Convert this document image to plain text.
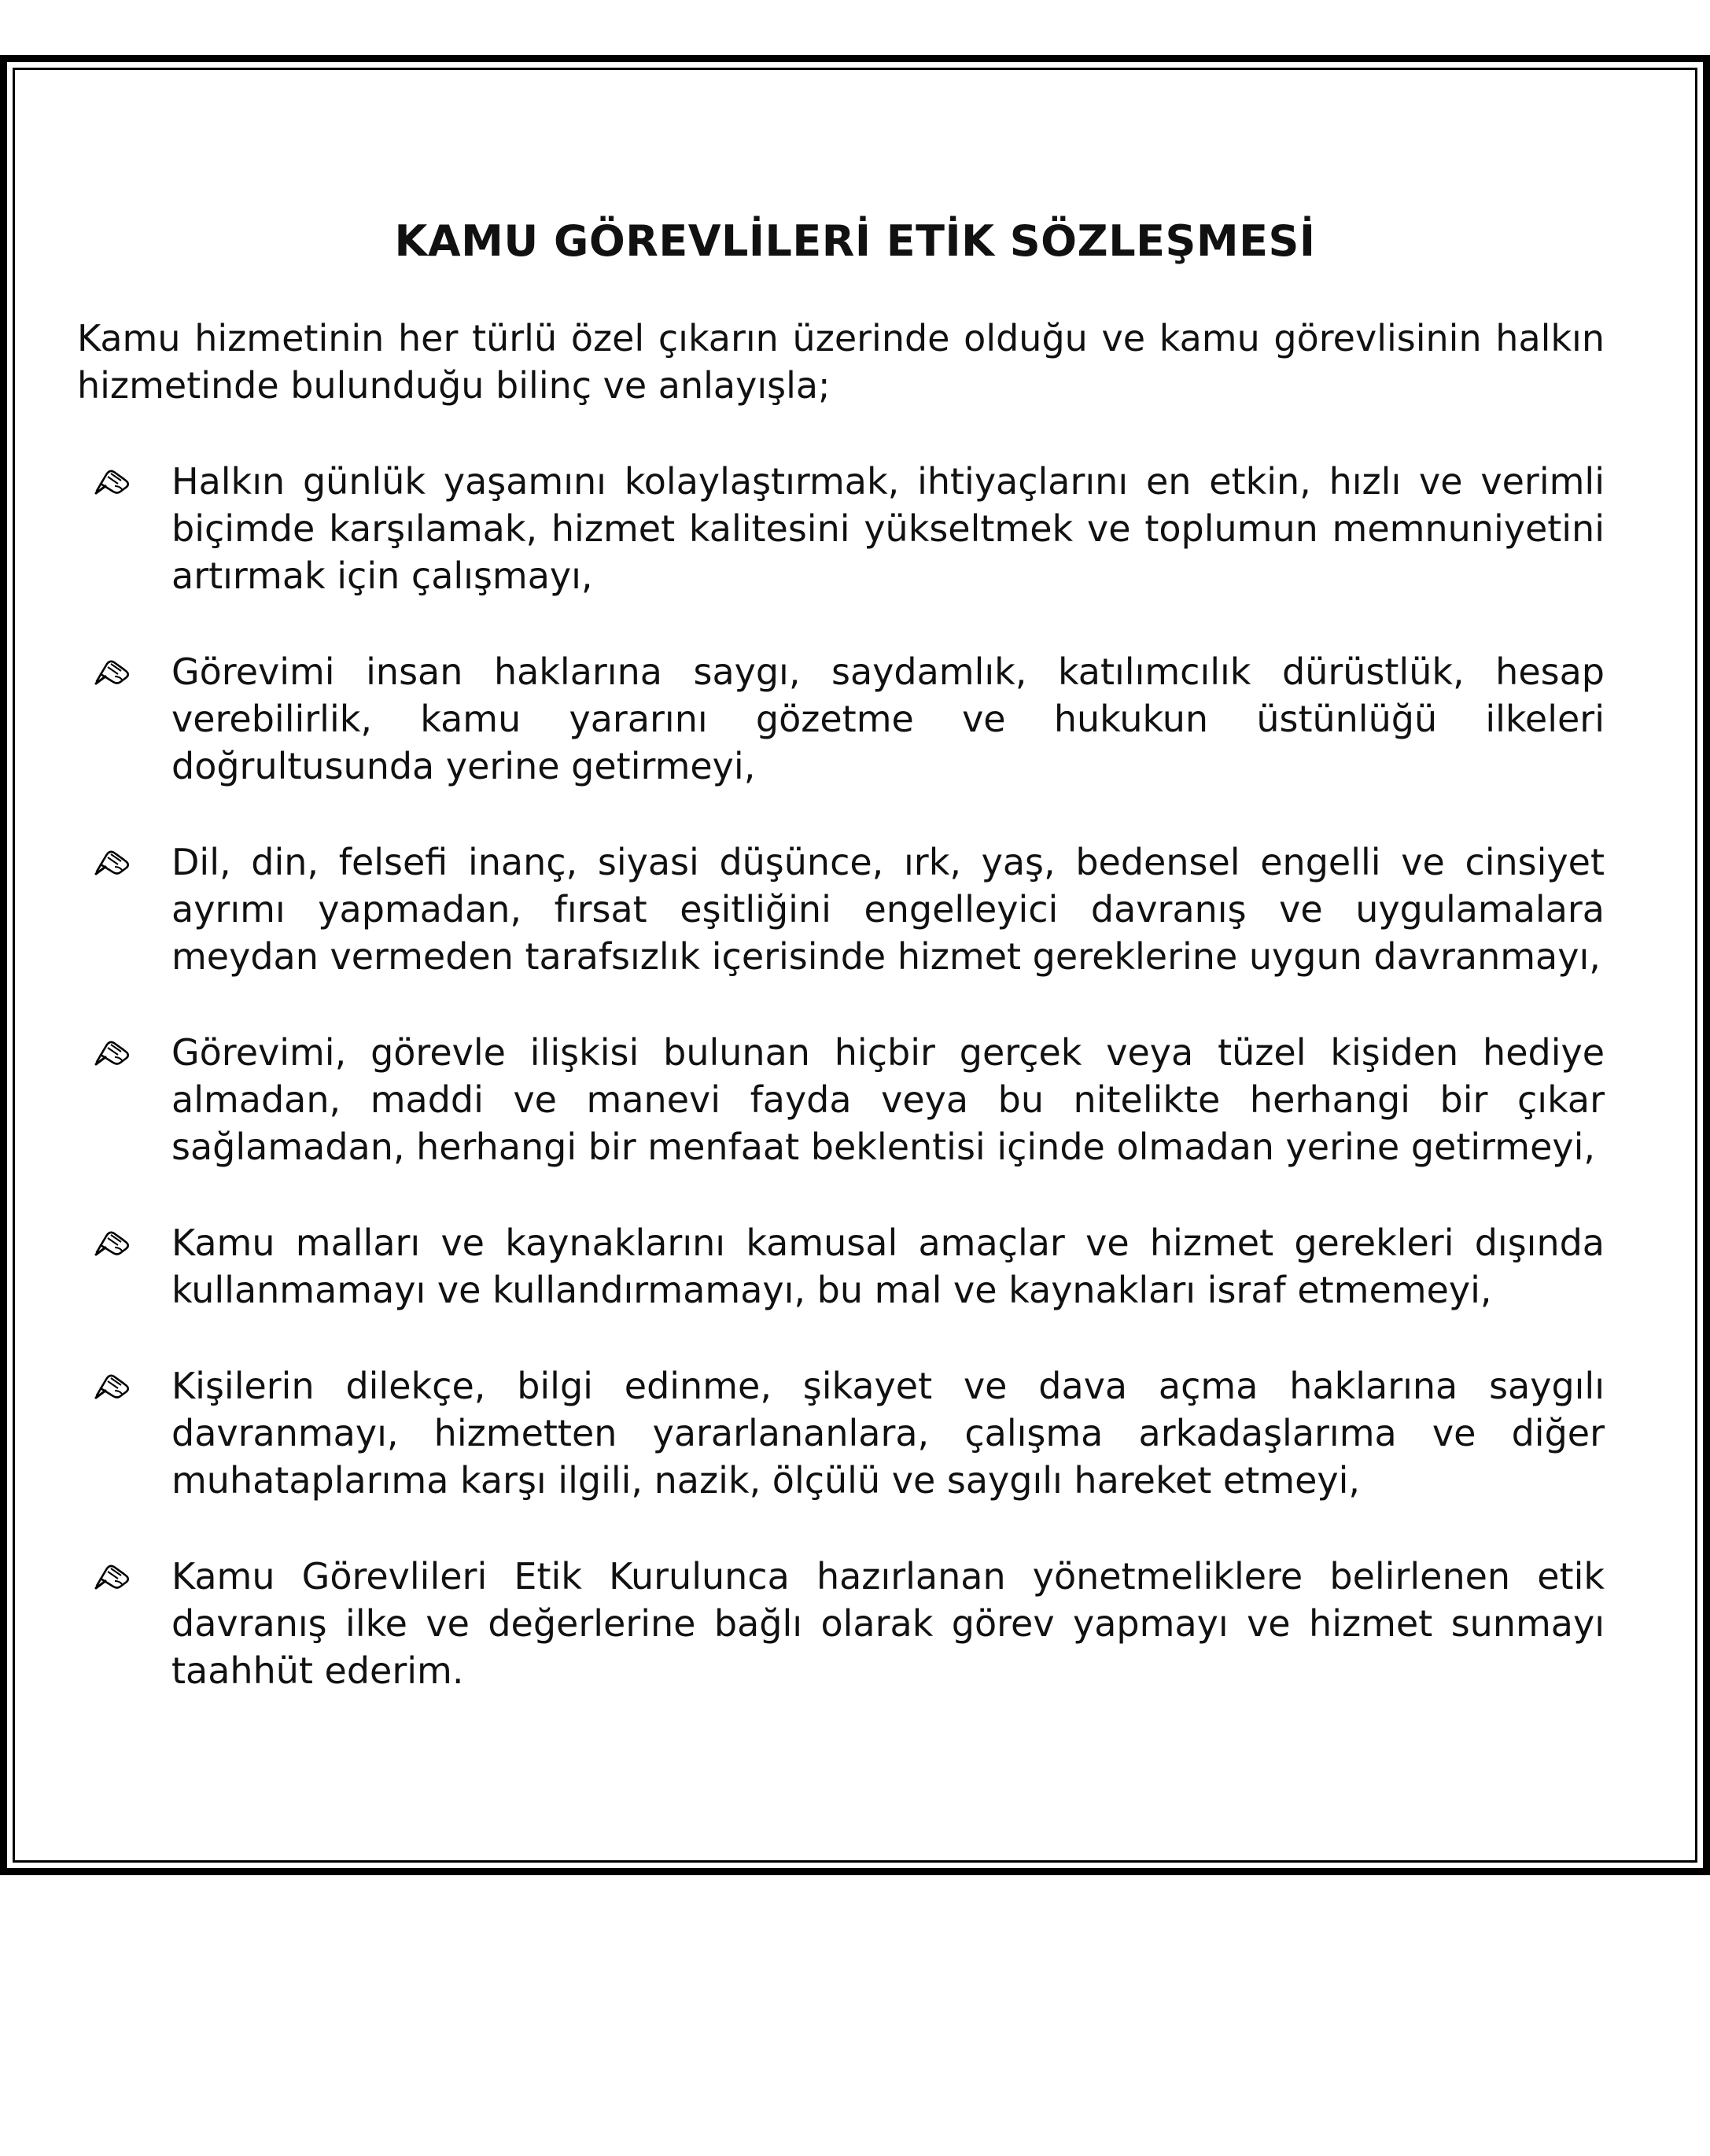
KAMU GÖREVLİLERİ ETİK SÖZLEŞMESİ

Kamu hizmetinin her türlü özel çıkarın üzerinde olduğu ve kamu görevlisinin halkın hizmetinde bulunduğu bilinç ve anlayışla;

Halkın günlük yaşamını kolaylaştırmak, ihtiyaçlarını en etkin, hızlı ve verimli biçimde karşılamak, hizmet kalitesini yükseltmek ve toplumun memnuniyetini artırmak için çalışmayı,
Görevimi insan haklarına saygı, saydamlık, katılımcılık dürüstlük, hesap verebilirlik, kamu yararını gözetme ve hukukun üstünlüğü ilkeleri doğrultusunda yerine getirmeyi,
Dil, din, felsefi inanç, siyasi düşünce, ırk, yaş, bedensel engelli ve cinsiyet ayrımı yapmadan, fırsat eşitliğini engelleyici davranış ve uygulamalara meydan vermeden tarafsızlık içerisinde hizmet gereklerine uygun davranmayı,
Görevimi, görevle ilişkisi bulunan hiçbir gerçek veya tüzel kişiden hediye almadan, maddi ve manevi fayda veya bu nitelikte herhangi bir çıkar sağlamadan, herhangi bir menfaat beklentisi içinde olmadan yerine getirmeyi,
Kamu malları ve kaynaklarını kamusal amaçlar ve hizmet gerekleri dışında kullanmamayı ve kullandırmamayı, bu mal ve kaynakları israf etmemeyi,
Kişilerin dilekçe, bilgi edinme, şikayet ve dava açma haklarına saygılı davranmayı, hizmetten yararlananlara, çalışma arkadaşlarıma ve diğer muhataplarıma karşı ilgili, nazik, ölçülü ve saygılı hareket etmeyi,
Kamu Görevlileri Etik Kurulunca hazırlanan yönetmeliklere belirlenen etik davranış ilke ve değerlerine bağlı olarak görev yapmayı ve hizmet sunmayı taahhüt ederim.
